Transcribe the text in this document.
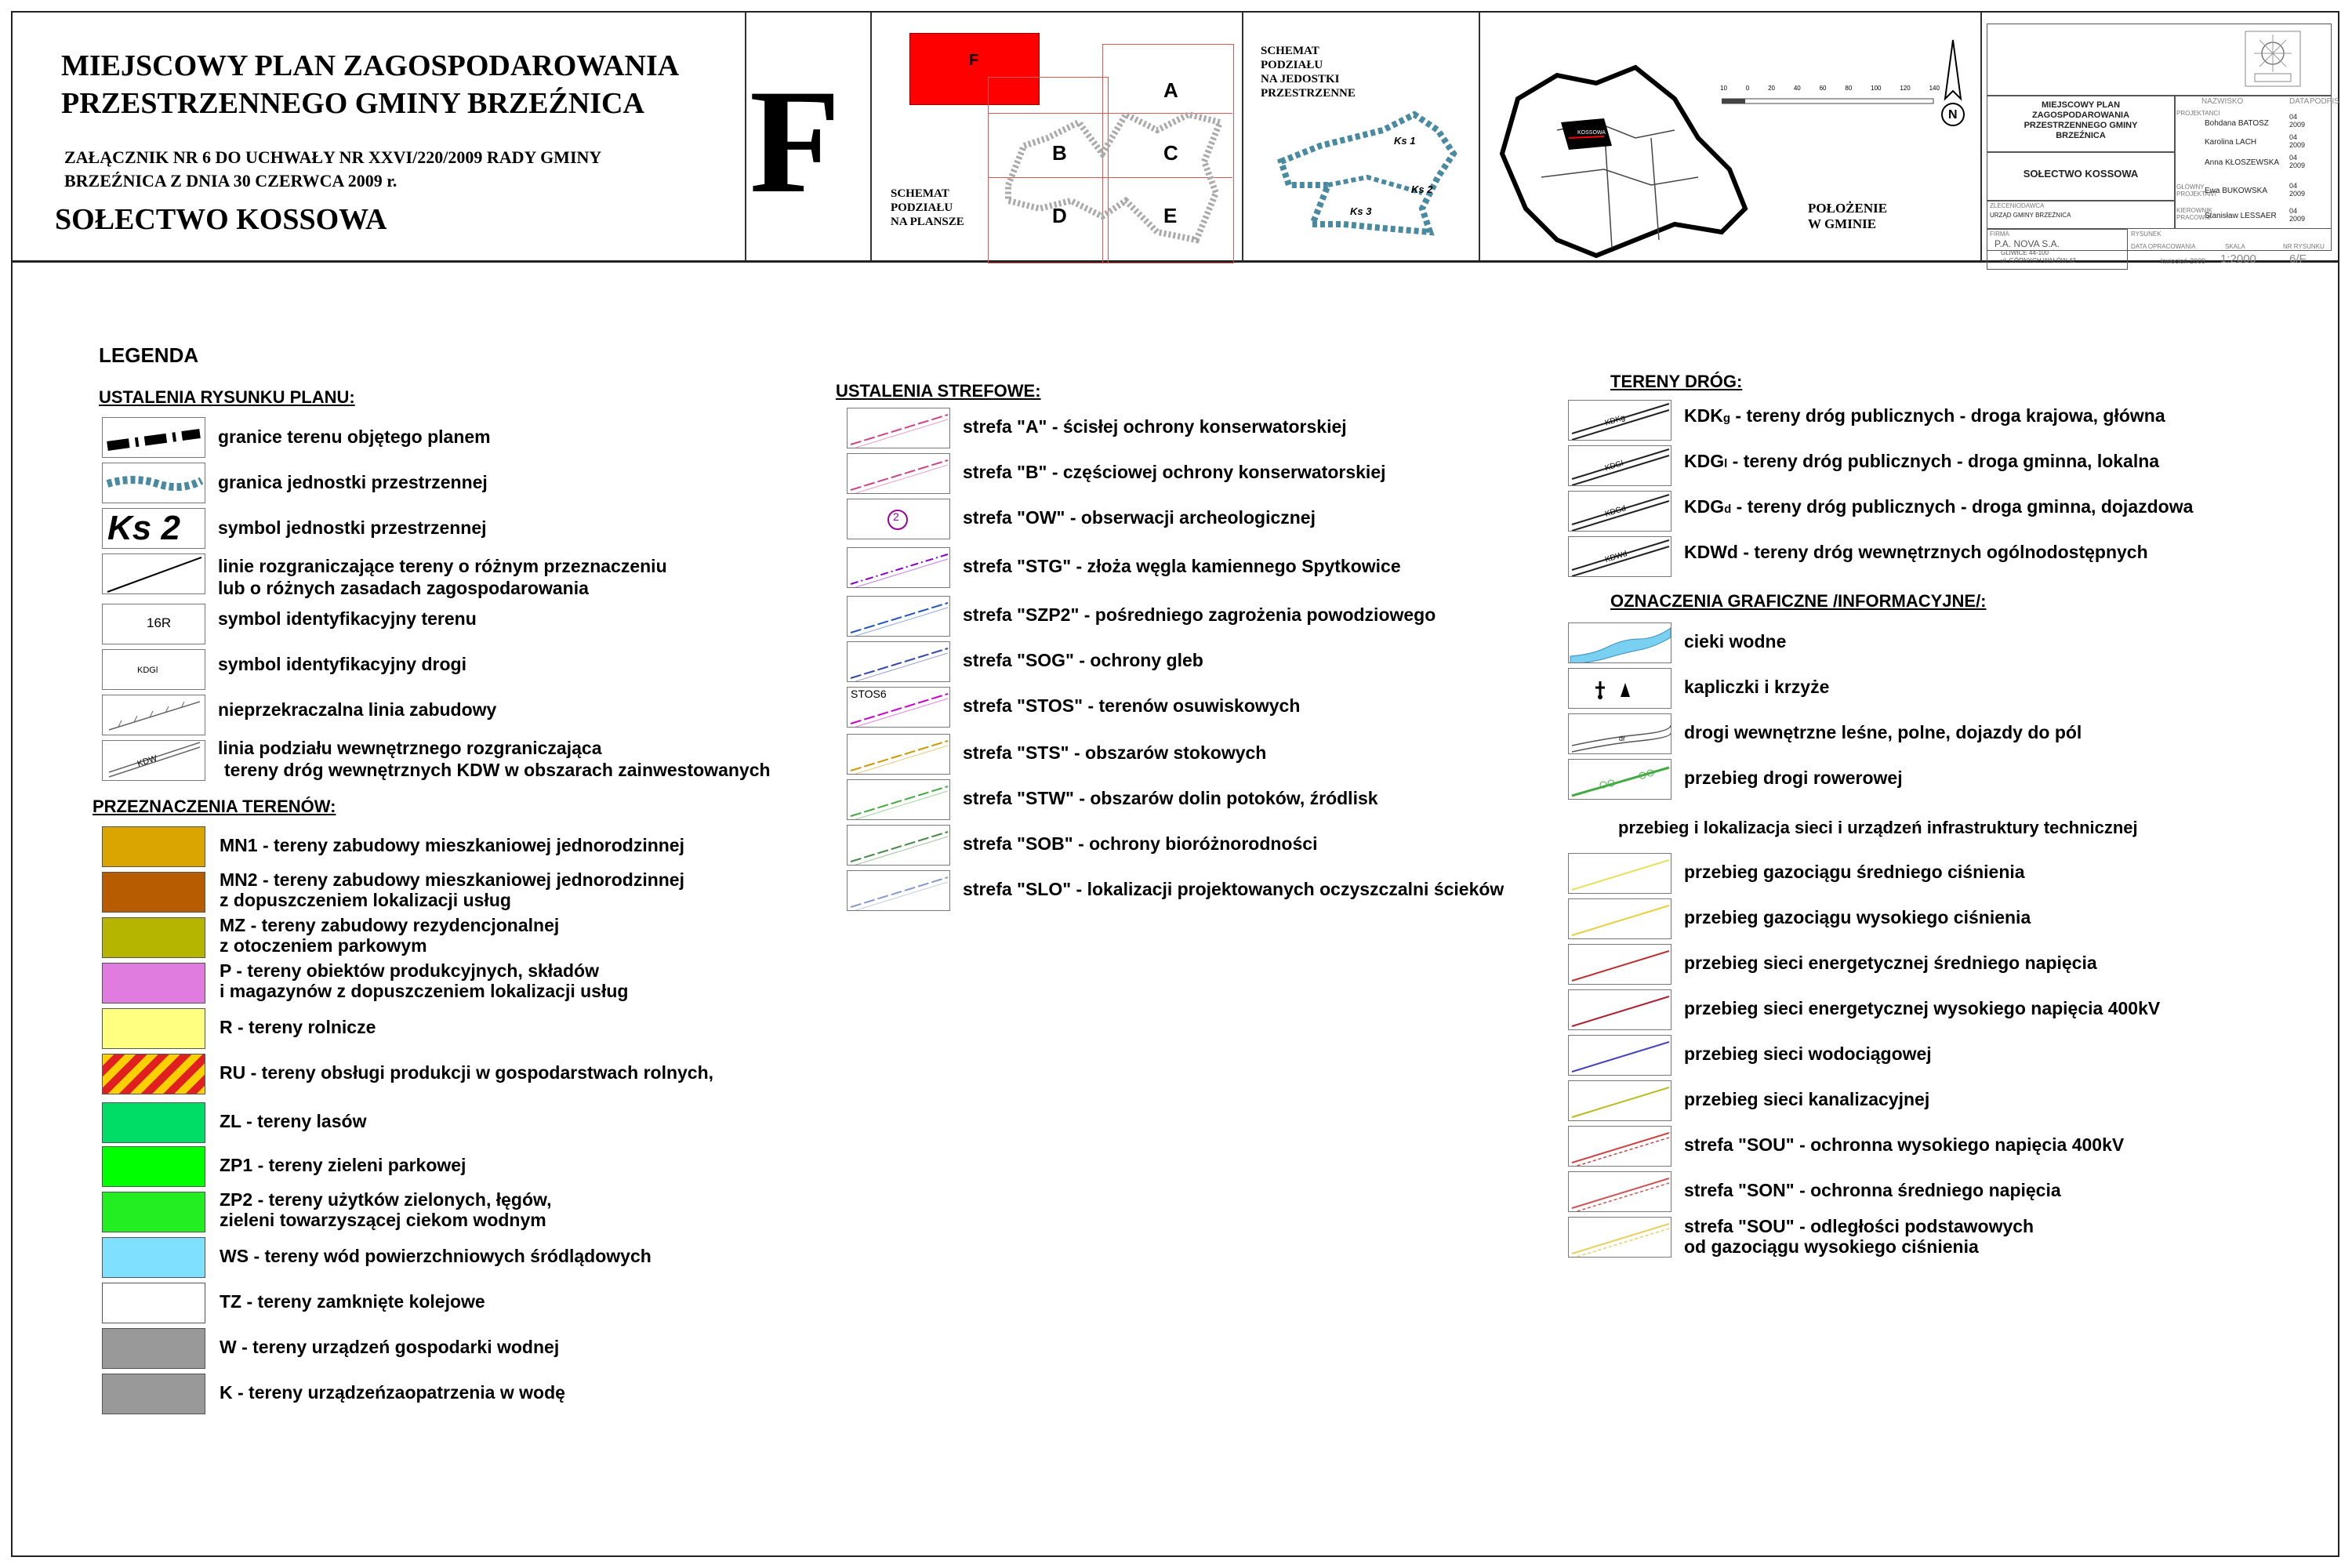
MIEJSCOWY PLAN ZAGOSPODAROWANIA
PRZESTRZENNEGO GMINY BRZEŹNICA
ZAŁĄCZNIK NR 6 DO UCHWAŁY NR XXVI/220/2009 RADY GMINY
BRZEŹNICA Z DNIA 30 CZERWCA 2009 r.
SOŁECTWO KOSSOWA F	F
A
B	C
D	E
SCHEMAT
PODZIAŁU
NA PLANSZE
SCHEMAT
PODZIAŁU
NA JEDOSTKI
PRZESTRZENNE
Ks 1
Ks 2
Ks 3
KOSSOWA
10	0	20	40	60	80	100	120	140
N
POŁOŻENIE
W GMINIE
MIEJSCOWY PLAN
ZAGOSPODAROWANIA
PRZESTRZENNEGO GMINY
BRZEŹNICA
SOŁECTWO KOSSOWA
NAZWISKO	DATA PODPIS
PROJEKTANCI
Bohdana BATOSZ
04 2009
Karolina LACH
04 2009
Anna KŁOSZEWSKA
04 2009
GŁÓWNY PROJEKTANT
Ewa BUKOWSKA
04 2009
KIEROWNIK PRACOWNI
Stanisław LESSAER
04 2009
ZLECENIODAWCA
URZĄD GMINY BRZEŹNICA
FIRMA
P.A. NOVA S.A.
GLIWICE 44-100
ul. GÓRNYCH WAŁÓW 42
RYSUNEK
DATA OPRACOWANIA
kwiecień 2009
SKALA
1:2000
NR RYSUNKU
6/F
LEGENDA
USTALENIA RYSUNKU PLANU:
granice terenu objętego planem
granica jednostki przestrzennej
Ks 2 symbol jednostki przestrzennej
linie rozgraniczające tereny o różnym przeznaczeniu
lub o różnych zasadach zagospodarowania
16R	symbol identyfikacyjny terenu
KDGl	symbol identyfikacyjny drogi
nieprzekraczalna linia zabudowy
KDW
linia podziału wewnętrznego rozgraniczająca
tereny dróg wewnętrznych KDW w obszarach zainwestowanych
PRZEZNACZENIA TERENÓW:
MN1 - tereny zabudowy mieszkaniowej jednorodzinnej
MN2 - tereny zabudowy mieszkaniowej jednorodzinnej
z dopuszczeniem lokalizacji usług
MZ - tereny zabudowy rezydencjonalnej
z otoczeniem parkowym
P - tereny obiektów produkcyjnych, składów
i magazynów z dopuszczeniem lokalizacji usług
R - tereny rolnicze
RU - tereny obsługi produkcji w gospodarstwach rolnych,
ZL - tereny lasów
ZP1 - tereny zieleni parkowej
ZP2 - tereny użytków zielonych, łęgów,
zieleni towarzyszącej ciekom wodnym
WS - tereny wód powierzchniowych śródlądowych
TZ - tereny zamknięte kolejowe
W - tereny urządzeń gospodarki wodnej
K - tereny urządzeńzaopatrzenia w wodę
USTALENIA STREFOWE:
strefa "A" - ścisłej ochrony konserwatorskiej
strefa "B" - częściowej ochrony konserwatorskiej
2	strefa "OW" - obserwacji archeologicznej
strefa "STG" - złoża węgla kamiennego Spytkowice
strefa "SZP2" - pośredniego zagrożenia powodziowego
strefa "SOG" - ochrony gleb
STOS6
strefa "STOS" - terenów osuwiskowych
strefa "STS" - obszarów stokowych
strefa "STW" - obszarów dolin potoków, źródlisk
strefa "SOB" - ochrony bioróżnorodności
strefa "SLO" - lokalizacji projektowanych oczyszczalni ścieków
TERENY DRÓG:
KDKg	KDKg - tereny dróg publicznych - droga krajowa, główna
KDGl	KDGl - tereny dróg publicznych - droga gminna, lokalna
KDGd	KDGd - tereny dróg publicznych - droga gminna, dojazdowa
KDWd	KDWd - tereny dróg wewnętrznych ogólnodostępnych
OZNACZENIA GRAFICZNE /INFORMACYJNE/:
cieki wodne
kapliczki i krzyże
dr	drogi wewnętrzne leśne, polne, dojazdy do pól
przebieg drogi rowerowej
przebieg i lokalizacja sieci i urządzeń infrastruktury technicznej
przebieg gazociągu średniego ciśnienia
przebieg gazociągu wysokiego ciśnienia
przebieg sieci energetycznej średniego napięcia
przebieg sieci energetycznej wysokiego napięcia 400kV
przebieg sieci wodociągowej
przebieg sieci kanalizacyjnej
strefa "SOU" - ochronna wysokiego napięcia 400kV
strefa "SON" - ochronna średniego napięcia
strefa "SOU" - odległości podstawowych
od gazociągu wysokiego ciśnienia
